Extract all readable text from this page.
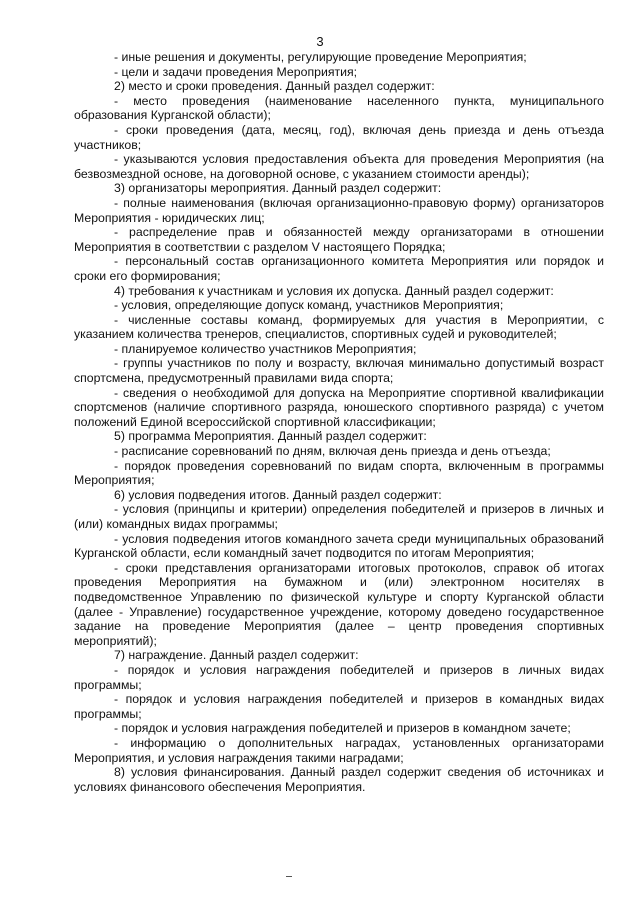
3

- иные решения и документы, регулирующие проведение Мероприятия;

- цели и задачи проведения Мероприятия;

2) место и сроки проведения. Данный раздел содержит:

- место проведения (наименование населенного пункта, муниципального образования Курганской области);

- сроки проведения (дата, месяц, год), включая день приезда и день отъезда участников;

- указываются условия предоставления объекта для проведения Мероприятия (на безвозмездной основе, на договорной основе, с указанием стоимости аренды);

3) организаторы мероприятия. Данный раздел содержит:

- полные наименования (включая организационно-правовую форму) организаторов Мероприятия - юридических лиц;

- распределение прав и обязанностей между организаторами в отношении Мероприятия в соответствии с разделом V настоящего Порядка;

- персональный состав организационного комитета Мероприятия или порядок и сроки его формирования;

4) требования к участникам и условия их допуска. Данный раздел содержит:

- условия, определяющие допуск команд, участников Мероприятия;

- численные составы команд, формируемых для участия в Мероприятии, с указанием количества тренеров, специалистов, спортивных судей и руководителей;

- планируемое количество участников Мероприятия;

- группы участников по полу и возрасту, включая минимально допустимый возраст спортсмена, предусмотренный правилами вида спорта;

- сведения о необходимой для допуска на Мероприятие спортивной квалификации спортсменов (наличие спортивного разряда, юношеского спортивного разряда) с учетом положений Единой всероссийской спортивной классификации;

5) программа Мероприятия. Данный раздел содержит:

- расписание соревнований по дням, включая день приезда и день отъезда;

- порядок проведения соревнований по видам спорта, включенным в программы Мероприятия;

6) условия подведения итогов. Данный раздел содержит:

- условия (принципы и критерии) определения победителей и призеров в личных и (или) командных видах программы;

- условия подведения итогов командного зачета среди муниципальных образований Курганской области, если командный зачет подводится по итогам Мероприятия;

- сроки представления организаторами итоговых протоколов, справок об итогах проведения Мероприятия на бумажном и (или) электронном носителях в подведомственное Управлению по физической культуре и спорту Курганской области (далее - Управление) государственное учреждение, которому доведено государственное задание на проведение Мероприятия (далее – центр проведения спортивных мероприятий);

7) награждение. Данный раздел содержит:

- порядок и условия награждения победителей и призеров в личных видах программы;

- порядок и условия награждения победителей и призеров в командных видах программы;

- порядок и условия награждения победителей и призеров в командном зачете;

- информацию о дополнительных наградах, установленных организаторами Мероприятия, и условия награждения такими наградами;

8) условия финансирования. Данный раздел содержит сведения об источниках и условиях финансового обеспечения Мероприятия.
